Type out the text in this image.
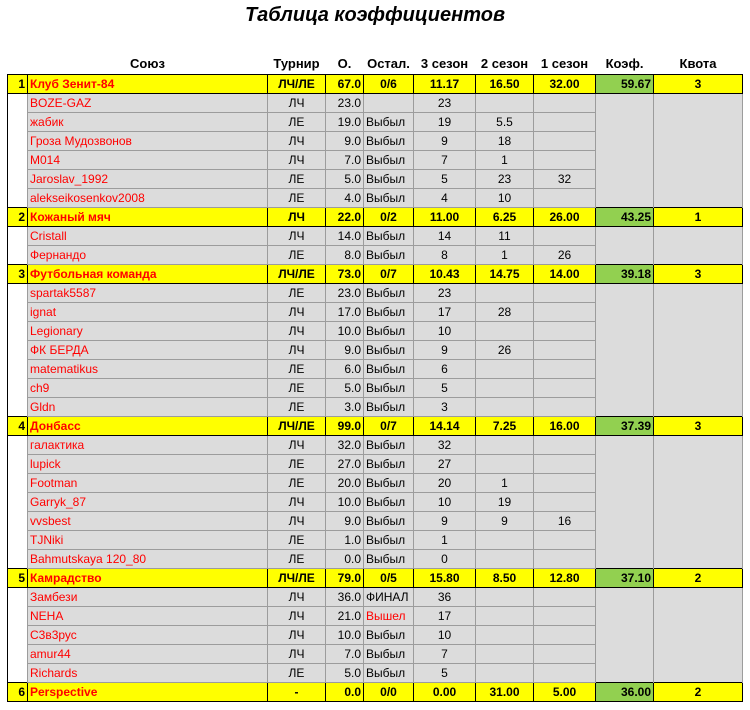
Таблица коэффициентов
	Союз	Турнир	О.	Остал.	3 сезон	2 сезон	1 сезон	Коэф.	Квота
1	Клуб Зенит-84	ЛЧ/ЛЕ	67.0	0/6	11.17	16.50	32.00	59.67	3
	BOZE-GAZ	ЛЧ	23.0		23				
	жабик	ЛЕ	19.0	Выбыл	19	5.5			
	Гроза Мудозвонов	ЛЧ	9.0	Выбыл	9	18			
	M014	ЛЧ	7.0	Выбыл	7	1			
	Jaroslav_1992	ЛЕ	5.0	Выбыл	5	23	32		
	alekseikosenkov2008	ЛЕ	4.0	Выбыл	4	10			
2	Кожаный мяч	ЛЧ	22.0	0/2	11.00	6.25	26.00	43.25	1
	Cristall	ЛЧ	14.0	Выбыл	14	11			
	Фернандо	ЛЕ	8.0	Выбыл	8	1	26		
3	Футбольная команда	ЛЧ/ЛЕ	73.0	0/7	10.43	14.75	14.00	39.18	3
	spartak5587	ЛЕ	23.0	Выбыл	23				
	ignat	ЛЧ	17.0	Выбыл	17	28			
	Legionary	ЛЧ	10.0	Выбыл	10				
	ФК БЕРДА	ЛЧ	9.0	Выбыл	9	26			
	matematikus	ЛЕ	6.0	Выбыл	6				
	ch9	ЛЕ	5.0	Выбыл	5				
	Gldn	ЛЕ	3.0	Выбыл	3				
4	Донбасс	ЛЧ/ЛЕ	99.0	0/7	14.14	7.25	16.00	37.39	3
	галактика	ЛЧ	32.0	Выбыл	32				
	lupick	ЛЕ	27.0	Выбыл	27				
	Footman	ЛЕ	20.0	Выбыл	20	1			
	Garryk_87	ЛЧ	10.0	Выбыл	10	19			
	vvsbest	ЛЧ	9.0	Выбыл	9	9	16		
	TJNiki	ЛЕ	1.0	Выбыл	1				
	Bahmutskaya 120_80	ЛЕ	0.0	Выбыл	0				
5	Камрадство	ЛЧ/ЛЕ	79.0	0/5	15.80	8.50	12.80	37.10	2
	Замбези	ЛЧ	36.0	ФИНАЛ	36				
	NEHA	ЛЧ	21.0	Вышел	17				
	C3в3рус	ЛЧ	10.0	Выбыл	10				
	amur44	ЛЧ	7.0	Выбыл	7				
	Richards	ЛЕ	5.0	Выбыл	5				
6	Perspective	-	0.0	0/0	0.00	31.00	5.00	36.00	2
